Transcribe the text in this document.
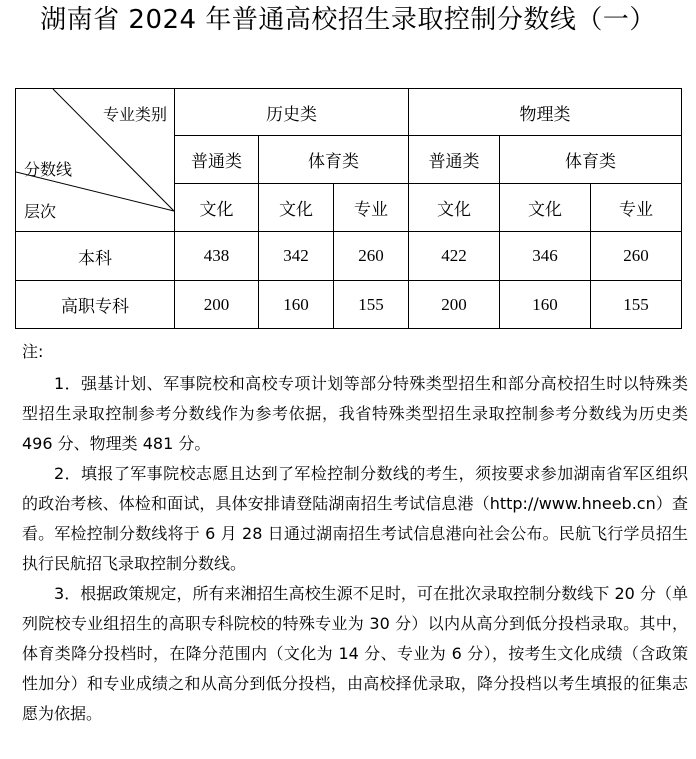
湖南省 2024 年普通高校招生录取控制分数线（一）
专业类别
分数线
层次	历史类			物理类		
	普通类	体育类		普通类	体育类	
	文化	文化	专业	文化	文化	专业
本科	438	342	260	422	346	260
高职专科	200	160	155	200	160	155

注:

1．强基计划、军事院校和高校专项计划等部分特殊类型招生和部分高校招生时以特殊类型招生录取控制参考分数线作为参考依据，我省特殊类型招生录取控制参考分数线为历史类 496 分、物理类 481 分。

2．填报了军事院校志愿且达到了军检控制分数线的考生，须按要求参加湖南省军区组织的政治考核、体检和面试，具体安排请登陆湖南招生考试信息港（http://www.hneeb.cn）查看。军检控制分数线将于 6 月 28 日通过湖南招生考试信息港向社会公布。民航飞行学员招生执行民航招飞录取控制分数线。

3．根据政策规定，所有来湘招生高校生源不足时，可在批次录取控制分数线下 20 分（单列院校专业组招生的高职专科院校的特殊专业为 30 分）以内从高分到低分投档录取。其中，体育类降分投档时，在降分范围内（文化为 14 分、专业为 6 分），按考生文化成绩（含政策性加分）和专业成绩之和从高分到低分投档，由高校择优录取，降分投档以考生填报的征集志愿为依据。
